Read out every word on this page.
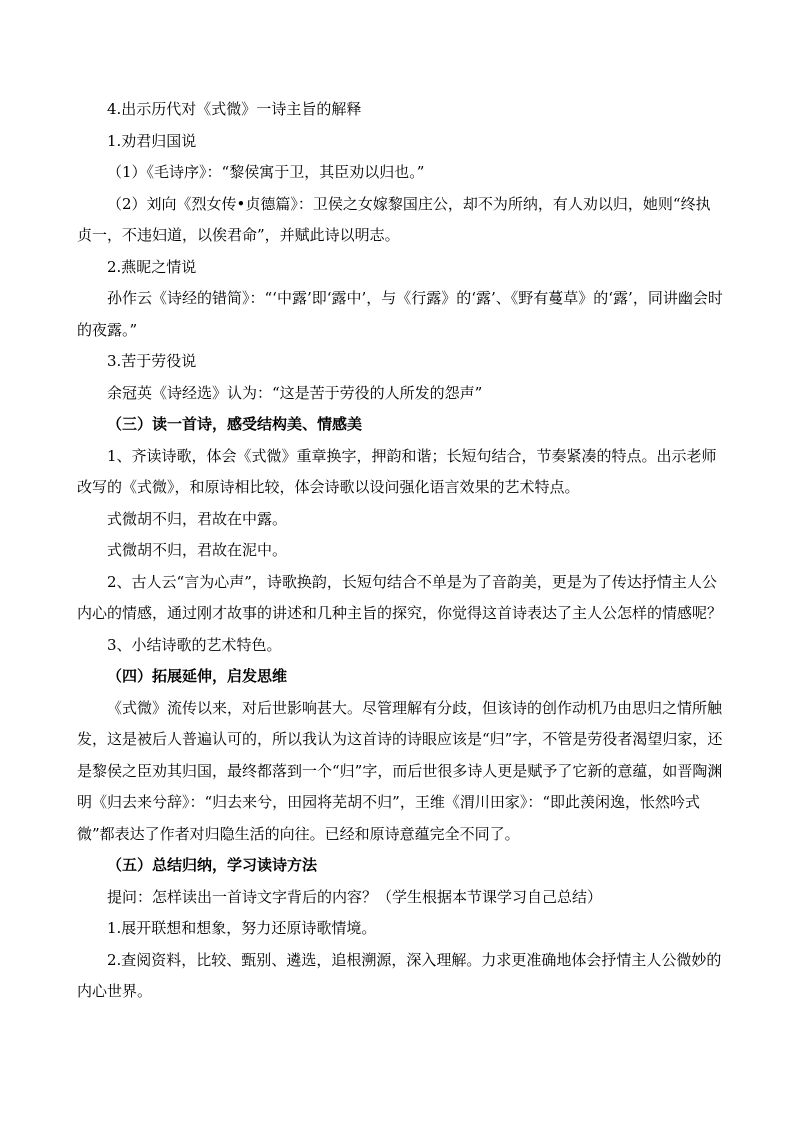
4.出示历代对《式微》一诗主旨的解释

1.劝君归国说

（1）《毛诗序》：“黎侯寓于卫，其臣劝以归也。”

（2）刘向《烈女传•贞德篇》：卫侯之女嫁黎国庄公，却不为所纳，有人劝以归，她则“终执贞一，不违妇道，以俟君命”，并赋此诗以明志。

2.燕昵之情说

孙作云《诗经的错简》：“‘中露’即‘露中’，与《行露》的‘露’、《野有蔓草》的‘露’，同讲幽会时的夜露。”

3.苦于劳役说

余冠英《诗经选》认为：“这是苦于劳役的人所发的怨声”

（三）读一首诗，感受结构美、情感美

1、齐读诗歌，体会《式微》重章换字，押韵和谐；长短句结合，节奏紧凑的特点。出示老师改写的《式微》，和原诗相比较，体会诗歌以设问强化语言效果的艺术特点。

式微胡不归，君故在中露。

式微胡不归，君故在泥中。

2、古人云“言为心声”，诗歌换韵，长短句结合不单是为了音韵美，更是为了传达抒情主人公内心的情感，通过刚才故事的讲述和几种主旨的探究，你觉得这首诗表达了主人公怎样的情感呢？

3、小结诗歌的艺术特色。

（四）拓展延伸，启发思维

《式微》流传以来，对后世影响甚大。尽管理解有分歧，但该诗的创作动机乃由思归之情所触发，这是被后人普遍认可的，所以我认为这首诗的诗眼应该是“归”字，不管是劳役者渴望归家，还是黎侯之臣劝其归国，最终都落到一个“归”字，而后世很多诗人更是赋予了它新的意蕴，如晋陶渊明《归去来兮辞》：“归去来兮，田园将芜胡不归”，王维《渭川田家》：“即此羡闲逸，怅然吟式微”都表达了作者对归隐生活的向往。已经和原诗意蕴完全不同了。

（五）总结归纳，学习读诗方法

提问：怎样读出一首诗文字背后的内容？（学生根据本节课学习自己总结）

1.展开联想和想象，努力还原诗歌情境。

2.查阅资料，比较、甄别、遴选，追根溯源，深入理解。力求更准确地体会抒情主人公微妙的内心世界。
